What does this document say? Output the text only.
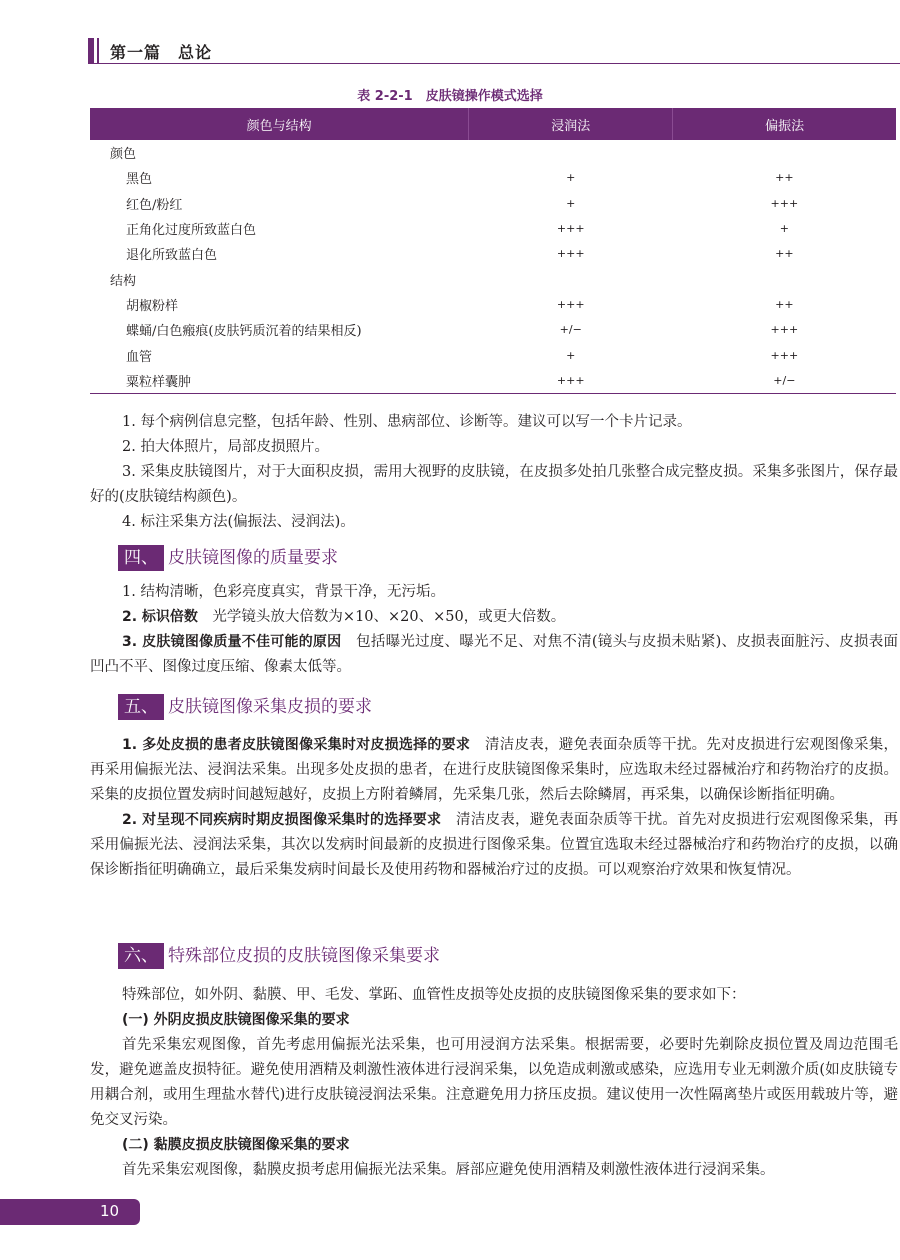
第一篇　总论
表 2-2-1　皮肤镜操作模式选择
颜色与结构	浸润法	偏振法
颜色		
黑色	+	++
红色/粉红	+	+++
正角化过度所致蓝白色	+++	+
退化所致蓝白色	+++	++
结构		
胡椒粉样	+++	++
蝶蛹/白色瘢痕(皮肤钙质沉着的结果相反)	+/−	+++
血管	+	+++
粟粒样囊肿	+++	+/−

1. 每个病例信息完整，包括年龄、性别、患病部位、诊断等。建议可以写一个卡片记录。

2. 拍大体照片，局部皮损照片。

3. 采集皮肤镜图片，对于大面积皮损，需用大视野的皮肤镜，在皮损多处拍几张整合成完整皮损。采集多张图片，保存最好的(皮肤镜结构颜色)。

4. 标注采集方法(偏振法、浸润法)。

四、 皮肤镜图像的质量要求

1. 结构清晰，色彩亮度真实，背景干净，无污垢。

2. 标识倍数　光学镜头放大倍数为×10、×20、×50，或更大倍数。

3. 皮肤镜图像质量不佳可能的原因　包括曝光过度、曝光不足、对焦不清(镜头与皮损未贴紧)、皮损表面脏污、皮损表面凹凸不平、图像过度压缩、像素太低等。

五、 皮肤镜图像采集皮损的要求

1. 多处皮损的患者皮肤镜图像采集时对皮损选择的要求　清洁皮表，避免表面杂质等干扰。先对皮损进行宏观图像采集，再采用偏振光法、浸润法采集。出现多处皮损的患者，在进行皮肤镜图像采集时，应选取未经过器械治疗和药物治疗的皮损。采集的皮损位置发病时间越短越好，皮损上方附着鳞屑，先采集几张，然后去除鳞屑，再采集，以确保诊断指征明确。

2. 对呈现不同疾病时期皮损图像采集时的选择要求　清洁皮表，避免表面杂质等干扰。首先对皮损进行宏观图像采集，再采用偏振光法、浸润法采集，其次以发病时间最新的皮损进行图像采集。位置宜选取未经过器械治疗和药物治疗的皮损，以确保诊断指征明确确立，最后采集发病时间最长及使用药物和器械治疗过的皮损。可以观察治疗效果和恢复情况。

六、 特殊部位皮损的皮肤镜图像采集要求

特殊部位，如外阴、黏膜、甲、毛发、掌跖、血管性皮损等处皮损的皮肤镜图像采集的要求如下：

(一) 外阴皮损皮肤镜图像采集的要求

首先采集宏观图像，首先考虑用偏振光法采集，也可用浸润方法采集。根据需要，必要时先剃除皮损位置及周边范围毛发，避免遮盖皮损特征。避免使用酒精及刺激性液体进行浸润采集，以免造成刺激或感染，应选用专业无刺激介质(如皮肤镜专用耦合剂，或用生理盐水替代)进行皮肤镜浸润法采集。注意避免用力挤压皮损。建议使用一次性隔离垫片或医用载玻片等，避免交叉污染。

(二) 黏膜皮损皮肤镜图像采集的要求

首先采集宏观图像，黏膜皮损考虑用偏振光法采集。唇部应避免使用酒精及刺激性液体进行浸润采集。

10
